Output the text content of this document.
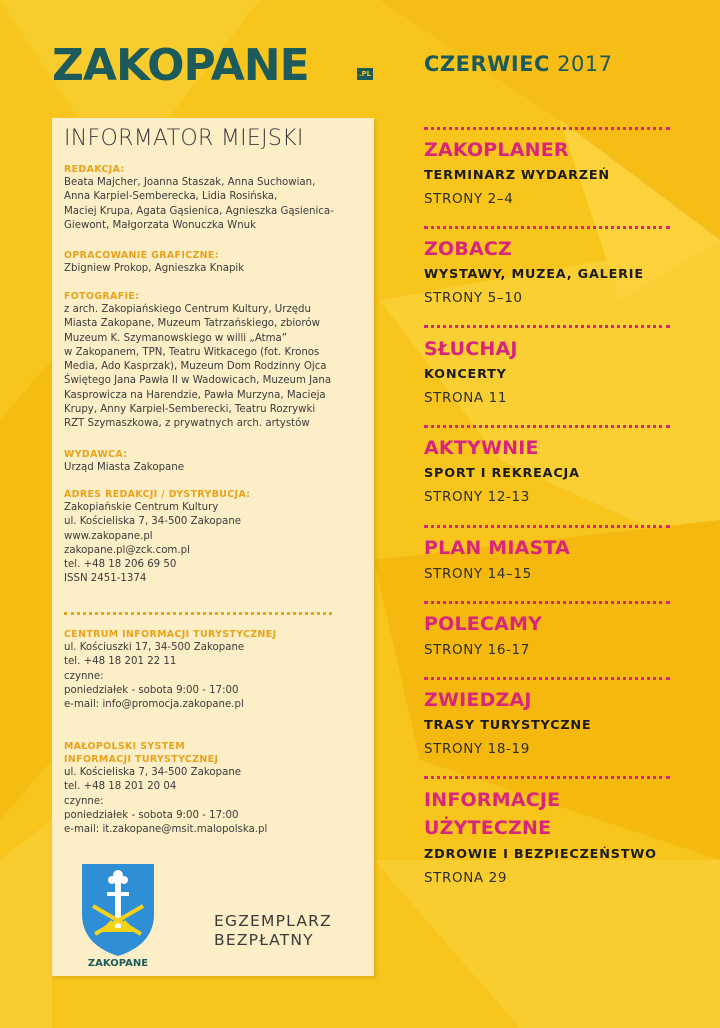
ZAKOPANE	.PL	CZERWIEC 2017
INFORMATOR MIEJSKI
REDAKCJA:
Beata Majcher, Joanna Staszak, Anna Suchowian,
Anna Karpiel-Semberecka, Lidia Rosińska,
Maciej Krupa, Agata Gąsienica, Agnieszka Gąsienica-
Giewont, Małgorzata Wonuczka Wnuk
OPRACOWANIE GRAFICZNE:
Zbigniew Prokop, Agnieszka Knapik
FOTOGRAFIE:
z arch. Zakopiańskiego Centrum Kultury, Urzędu
Miasta Zakopane, Muzeum Tatrzańskiego, zbiorów
Muzeum K. Szymanowskiego w willi „Atma”
w Zakopanem, TPN, Teatru Witkacego (fot. Kronos
Media, Ado Kasprzak), Muzeum Dom Rodzinny Ojca
Świętego Jana Pawła II w Wadowicach, Muzeum Jana
Kasprowicza na Harendzie, Pawła Murzyna, Macieja
Krupy, Anny Karpiel-Semberecki, Teatru Rozrywki
RZT Szymaszkowa, z prywatnych arch. artystów
WYDAWCA:
Urząd Miasta Zakopane
ADRES REDAKCJI / DYSTRYBUCJA:
Zakopiańskie Centrum Kultury
ul. Kościeliska 7, 34-500 Zakopane
www.zakopane.pl
zakopane.pl@zck.com.pl
tel. +48 18 206 69 50
ISSN 2451-1374
CENTRUM INFORMACJI TURYSTYCZNEJ
ul. Kościuszki 17, 34-500 Zakopane
tel. +48 18 201 22 11
czynne:
poniedziałek - sobota 9:00 - 17:00
e-mail: info@promocja.zakopane.pl
MAŁOPOLSKI SYSTEM
INFORMACJI TURYSTYCZNEJ
ul. Kościeliska 7, 34-500 Zakopane
tel. +48 18 201 20 04
czynne:
poniedziałek - sobota 9:00 - 17:00
e-mail: it.zakopane@msit.malopolska.pl
ZAKOPANE
EGZEMPLARZ
BEZPŁATNY
ZAKOPLANER
TERMINARZ WYDARZEŃ
STRONY 2–4
ZOBACZ
WYSTAWY, MUZEA, GALERIE
STRONY 5–10
SŁUCHAJ
KONCERTY
STRONA 11
AKTYWNIE
SPORT I REKREACJA
STRONY 12-13
PLAN MIASTA
STRONY 14–15
POLECAMY
STRONY 16-17
ZWIEDZAJ
TRASY TURYSTYCZNE
STRONY 18-19
INFORMACJE
UŻYTECZNE
ZDROWIE I BEZPIECZEŃSTWO
STRONA 29
